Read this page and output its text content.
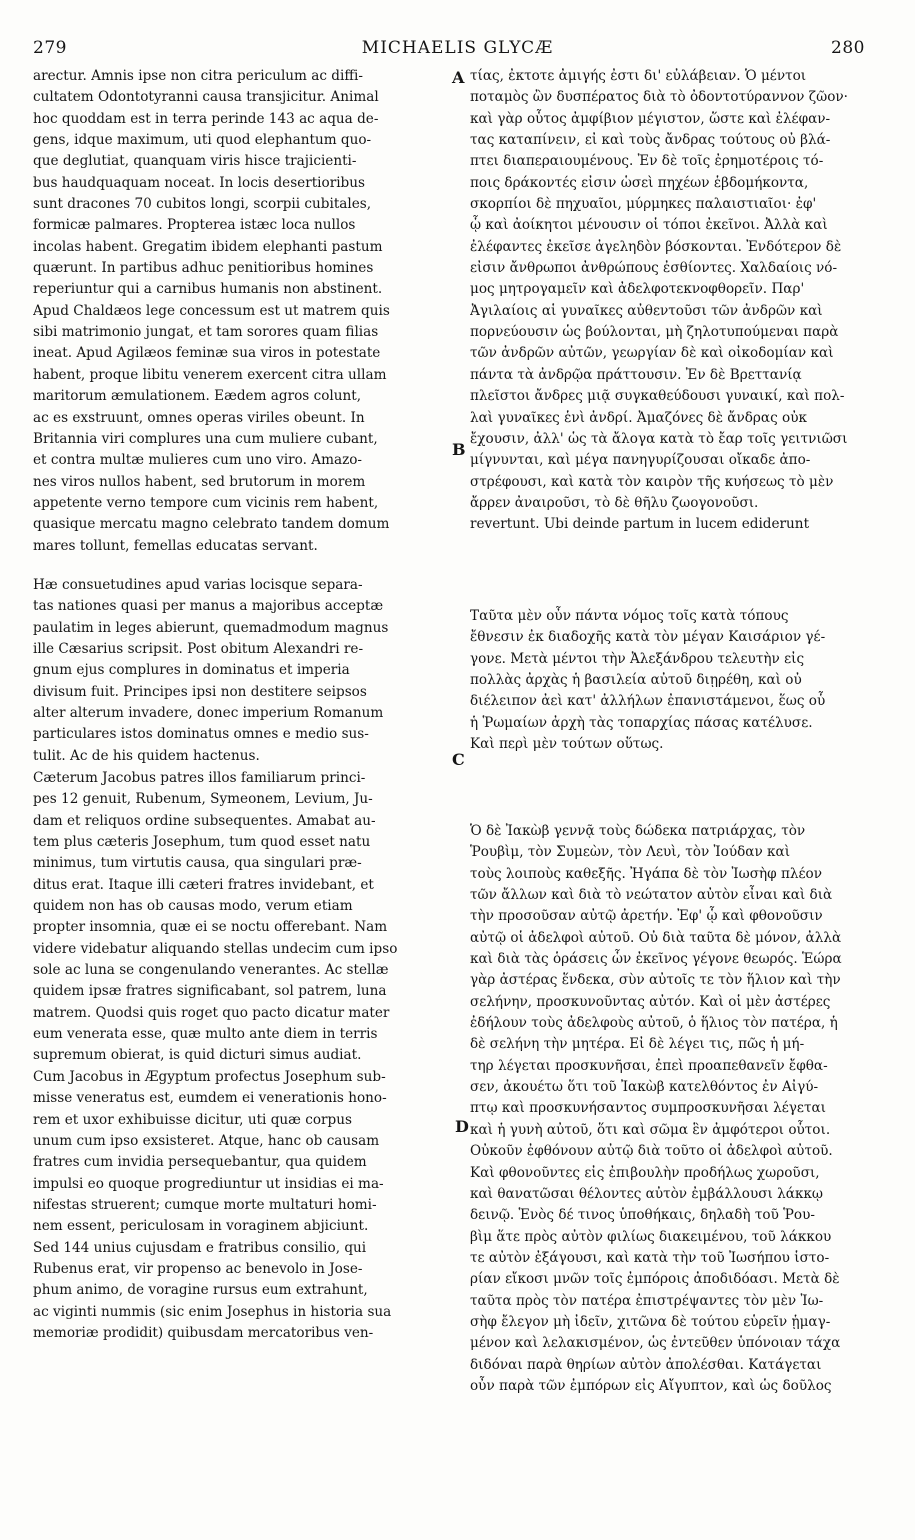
279	MICHAELIS GLYCÆ	280
A
B
C
D
arectur. Amnis ipse non citra periculum ac diffi-
cultatem Odontotyranni causa transjicitur. Animal
hoc quoddam est in terra perinde 143 ac aqua de-
gens, idque maximum, uti quod elephantum quo-
que deglutiat, quanquam viris hisce trajicienti-
bus haudquaquam noceat. In locis desertioribus
sunt dracones 70 cubitos longi, scorpii cubitales,
formicæ palmares. Propterea istæc loca nullos
incolas habent. Gregatim ibidem elephanti pastum
quærunt. In partibus adhuc penitioribus homines
reperiuntur qui a carnibus humanis non abstinent.
Apud Chaldæos lege concessum est ut matrem quis
sibi matrimonio jungat, et tam sorores quam filias
ineat. Apud Agilæos feminæ sua viros in potestate
habent, proque libitu venerem exercent citra ullam
maritorum æmulationem. Eædem agros colunt,
ac es exstruunt, omnes operas viriles obeunt. In
Britannia viri complures una cum muliere cubant,
et contra multæ mulieres cum uno viro. Amazo-
nes viros nullos habent, sed brutorum in morem
appetente verno tempore cum vicinis rem habent,
quasique mercatu magno celebrato tandem domum
mares tollunt, femellas educatas servant.
Hæ consuetudines apud varias locisque separa-
tas nationes quasi per manus a majoribus acceptæ
paulatim in leges abierunt, quemadmodum magnus
ille Cæsarius scripsit. Post obitum Alexandri re-
gnum ejus complures in dominatus et imperia
divisum fuit. Principes ipsi non destitere seipsos
alter alterum invadere, donec imperium Romanum
particulares istos dominatus omnes e medio sus-
tulit. Ac de his quidem hactenus.
Cæterum Jacobus patres illos familiarum princi-
pes 12 genuit, Rubenum, Symeonem, Levium, Ju-
dam et reliquos ordine subsequentes. Amabat au-
tem plus cæteris Josephum, tum quod esset natu
minimus, tum virtutis causa, qua singulari præ-
ditus erat. Itaque illi cæteri fratres invidebant, et
quidem non has ob causas modo, verum etiam
propter insomnia, quæ ei se noctu offerebant. Nam
videre videbatur aliquando stellas undecim cum ipso
sole ac luna se congenulando venerantes. Ac stellæ
quidem ipsæ fratres significabant, sol patrem, luna
matrem. Quodsi quis roget quo pacto dicatur mater
eum venerata esse, quæ multo ante diem in terris
supremum obierat, is quid dicturi simus audiat.
Cum Jacobus in Ægyptum profectus Josephum sub-
misse veneratus est, eumdem ei venerationis hono-
rem et uxor exhibuisse dicitur, uti quæ corpus
unum cum ipso exsisteret. Atque, hanc ob causam
fratres cum invidia persequebantur, qua quidem
impulsi eo quoque progrediuntur ut insidias ei ma-
nifestas struerent; cumque morte multaturi homi-
nem essent, periculosam in voraginem abjiciunt.
Sed 144 unius cujusdam e fratribus consilio, qui
Rubenus erat, vir propenso ac benevolo in Jose-
phum animo, de voragine rursus eum extrahunt,
ac viginti nummis (sic enim Josephus in historia sua
memoriæ prodidit) quibusdam mercatoribus ven-
τίας, ἐκτοτε ἀμιγής ἐστι δι' εὐλάβειαν. Ὁ μέντοι
ποταμὸς ὢν δυσπέρατος διὰ τὸ ὀδοντοτύραννον ζῶον·
καὶ γὰρ οὗτος ἀμφίβιον μέγιστον, ὥστε καὶ ἐλέφαν-
τας καταπίνειν, εἰ καὶ τοὺς ἄνδρας τούτους οὐ βλά-
πτει διαπεραιουμένους. Ἐν δὲ τοῖς ἐρημοτέροις τό-
ποις δράκοντές εἰσιν ὡσεὶ πηχέων ἑβδομήκοντα,
σκορπίοι δὲ πηχυαῖοι, μύρμηκες παλαιστιαῖοι· ἐφ'
ᾧ καὶ ἀοίκητοι μένουσιν οἱ τόποι ἐκεῖνοι. Ἀλλὰ καὶ
ἐλέφαντες ἐκεῖσε ἀγεληδὸν βόσκονται. Ἐνδότερον δὲ
εἰσιν ἄνθρωποι ἀνθρώπους ἐσθίοντες. Χαλδαίοις νό-
μος μητρογαμεῖν καὶ ἀδελφοτεκνοφθορεῖν. Παρ'
Ἀγιλαίοις αἱ γυναῖκες αὐθεντοῦσι τῶν ἀνδρῶν καὶ
πορνεύουσιν ὡς βούλονται, μὴ ζηλοτυπούμεναι παρὰ
τῶν ἀνδρῶν αὐτῶν, γεωργίαν δὲ καὶ οἰκοδομίαν καὶ
πάντα τὰ ἀνδρῷα πράττουσιν. Ἐν δὲ Βρεττανίᾳ
πλεῖστοι ἄνδρες μιᾷ συγκαθεύδουσι γυναικί, καὶ πολ-
λαὶ γυναῖκες ἑνὶ ἀνδρί. Ἀμαζόνες δὲ ἄνδρας οὐκ
ἔχουσιν, ἀλλ' ὡς τὰ ἄλογα κατὰ τὸ ἔαρ τοῖς γειτνιῶσι
μίγνυνται, καὶ μέγα πανηγυρίζουσαι οἴκαδε ἀπο-
στρέφουσι, καὶ κατὰ τὸν καιρὸν τῆς κυήσεως τὸ μὲν
ἄρρεν ἀναιροῦσι, τὸ δὲ θῆλυ ζωογονοῦσι.
revertunt. Ubi deinde partum in lucem ediderunt
Ταῦτα μὲν οὖν πάντα νόμος τοῖς κατὰ τόπους
ἔθνεσιν ἐκ διαδοχῆς κατὰ τὸν μέγαν Καισάριον γέ-
γονε. Μετὰ μέντοι τὴν Ἀλεξάνδρου τελευτὴν εἰς
πολλὰς ἀρχὰς ἡ βασιλεία αὐτοῦ διῃρέθη, καὶ οὐ
διέλειπον ἀεὶ κατ' ἀλλήλων ἐπανιστάμενοι, ἕως οὗ
ἡ Ῥωμαίων ἀρχὴ τὰς τοπαρχίας πάσας κατέλυσε.
Καὶ περὶ μὲν τούτων οὕτως.
Ὁ δὲ Ἰακὼβ γεννᾷ τοὺς δώδεκα πατριάρχας, τὸν
Ῥουβὶμ, τὸν Συμεὼν, τὸν Λευὶ, τὸν Ἰούδαν καὶ
τοὺς λοιποὺς καθεξῆς. Ἠγάπα δὲ τὸν Ἰωσὴφ πλέον
τῶν ἄλλων καὶ διὰ τὸ νεώτατον αὐτὸν εἶναι καὶ διὰ
τὴν προσοῦσαν αὐτῷ ἀρετήν. Ἐφ' ᾧ καὶ φθονοῦσιν
αὐτῷ οἱ ἀδελφοὶ αὐτοῦ. Οὐ διὰ ταῦτα δὲ μόνον, ἀλλὰ
καὶ διὰ τὰς ὁράσεις ὧν ἐκεῖνος γέγονε θεωρός. Ἑώρα
γὰρ ἀστέρας ἕνδεκα, σὺν αὐτοῖς τε τὸν ἥλιον καὶ τὴν
σελήνην, προσκυνοῦντας αὐτόν. Καὶ οἱ μὲν ἀστέρες
ἐδήλουν τοὺς ἀδελφοὺς αὐτοῦ, ὁ ἥλιος τὸν πατέρα, ἡ
δὲ σελήνη τὴν μητέρα. Εἰ δὲ λέγει τις, πῶς ἡ μή-
τηρ λέγεται προσκυνῆσαι, ἐπεὶ προαπεθανεῖν ἔφθα-
σεν, ἀκουέτω ὅτι τοῦ Ἰακὼβ κατελθόντος ἐν Αἰγύ-
πτῳ καὶ προσκυνήσαντος συμπροσκυνῆσαι λέγεται
καὶ ἡ γυνὴ αὐτοῦ, ὅτι καὶ σῶμα ἓν ἀμφότεροι οὗτοι.
Οὐκοῦν ἐφθόνουν αὐτῷ διὰ τοῦτο οἱ ἀδελφοὶ αὐτοῦ.
Καὶ φθονοῦντες εἰς ἐπιβουλὴν προδήλως χωροῦσι,
καὶ θανατῶσαι θέλοντες αὐτὸν ἐμβάλλουσι λάκκῳ
δεινῷ. Ἑνὸς δέ τινος ὑποθήκαις, δηλαδὴ τοῦ Ῥου-
βὶμ ἅτε πρὸς αὐτὸν φιλίως διακειμένου, τοῦ λάκκου
τε αὐτὸν ἐξάγουσι, καὶ κατὰ τὴν τοῦ Ἰωσήπου ἱστο-
ρίαν εἴκοσι μνῶν τοῖς ἐμπόροις ἀποδιδόασι. Μετὰ δὲ
ταῦτα πρὸς τὸν πατέρα ἐπιστρέψαντες τὸν μὲν Ἰω-
σὴφ ἔλεγον μὴ ἰδεῖν, χιτῶνα δὲ τούτου εὑρεῖν ᾑμαγ-
μένον καὶ λελακισμένον, ὡς ἐντεῦθεν ὑπόνοιαν τάχα
διδόναι παρὰ θηρίων αὐτὸν ἀπολέσθαι. Κατάγεται
οὖν παρὰ τῶν ἐμπόρων εἰς Αἴγυπτον, καὶ ὡς δοῦλος
